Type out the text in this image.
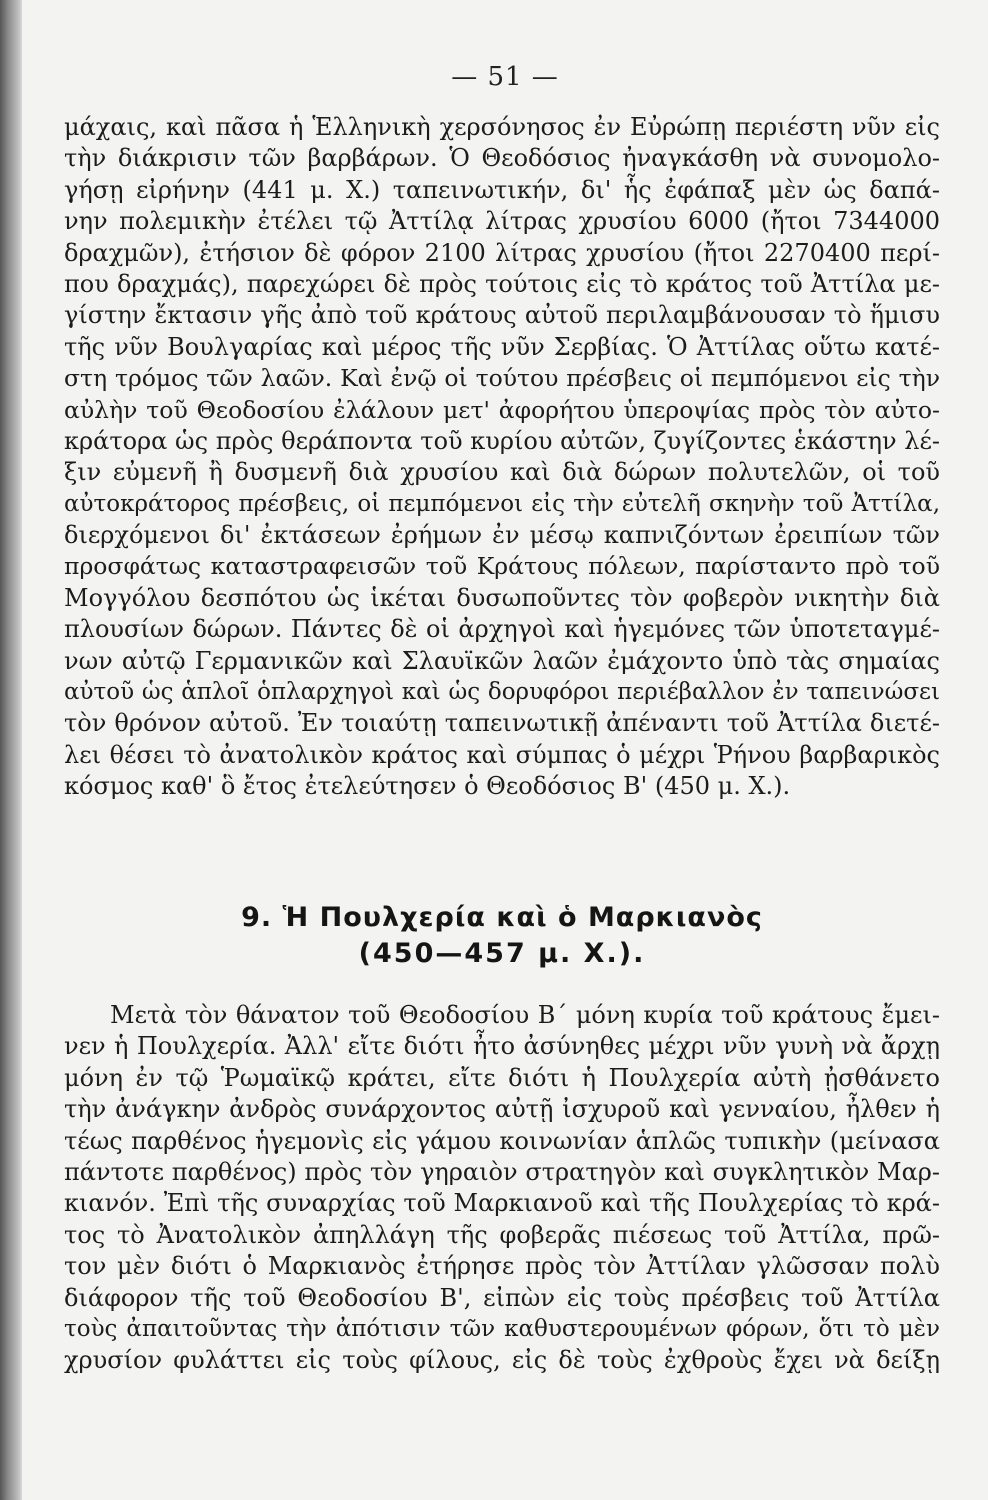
— 51 —
μάχαις, καὶ πᾶσα ἡ Ἑλληνικὴ χερσόνησος ἐν Εὐρώπῃ περιέστη νῦν εἰς
τὴν διάκρισιν τῶν βαρβάρων. Ὁ Θεοδόσιος ἠναγκάσθη νὰ συνομολο-
γήσῃ εἰρήνην (441 μ. Χ.) ταπεινωτικήν, δι' ἧς ἐφάπαξ μὲν ὡς δαπά-
νην πολεμικὴν ἐτέλει τῷ Ἀττίλᾳ λίτρας χρυσίου 6000 (ἤτοι 7344000
δραχμῶν), ἐτήσιον δὲ φόρον 2100 λίτρας χρυσίου (ἤτοι 2270400 περί-
που δραχμάς), παρεχώρει δὲ πρὸς τούτοις εἰς τὸ κράτος τοῦ Ἀττίλα με-
γίστην ἔκτασιν γῆς ἀπὸ τοῦ κράτους αὐτοῦ περιλαμβάνουσαν τὸ ἥμισυ
τῆς νῦν Βουλγαρίας καὶ μέρος τῆς νῦν Σερβίας. Ὁ Ἀττίλας οὕτω κατέ-
στη τρόμος τῶν λαῶν. Καὶ ἐνῷ οἱ τούτου πρέσβεις οἱ πεμπόμενοι εἰς τὴν
αὐλὴν τοῦ Θεοδοσίου ἐλάλουν μετ' ἀφορήτου ὑπεροψίας πρὸς τὸν αὐτο-
κράτορα ὡς πρὸς θεράποντα τοῦ κυρίου αὐτῶν, ζυγίζοντες ἑκάστην λέ-
ξιν εὐμενῆ ἢ δυσμενῆ διὰ χρυσίου καὶ διὰ δώρων πολυτελῶν, οἱ τοῦ
αὐτοκράτορος πρέσβεις, οἱ πεμπόμενοι εἰς τὴν εὐτελῆ σκηνὴν τοῦ Ἀττίλα,
διερχόμενοι δι' ἐκτάσεων ἐρήμων ἐν μέσῳ καπνιζόντων ἐρειπίων τῶν
προσφάτως καταστραφεισῶν τοῦ Κράτους πόλεων, παρίσταντο πρὸ τοῦ
Μογγόλου δεσπότου ὡς ἱκέται δυσωποῦντες τὸν φοβερὸν νικητὴν διὰ
πλουσίων δώρων. Πάντες δὲ οἱ ἀρχηγοὶ καὶ ἡγεμόνες τῶν ὑποτεταγμέ-
νων αὐτῷ Γερμανικῶν καὶ Σλαυϊκῶν λαῶν ἐμάχοντο ὑπὸ τὰς σημαίας
αὐτοῦ ὡς ἁπλοῖ ὁπλαρχηγοὶ καὶ ὡς δορυφόροι περιέβαλλον ἐν ταπεινώσει
τὸν θρόνον αὐτοῦ. Ἐν τοιαύτῃ ταπεινωτικῇ ἀπέναντι τοῦ Ἀττίλα διετέ-
λει θέσει τὸ ἀνατολικὸν κράτος καὶ σύμπας ὁ μέχρι Ῥήνου βαρβαρικὸς
κόσμος καθ' ὃ ἔτος ἐτελεύτησεν ὁ Θεοδόσιος Β' (450 μ. Χ.).
9. Ἡ Πουλχερία καὶ ὁ Μαρκιανὸς
(450—457 μ. Χ.).
Μετὰ τὸν θάνατον τοῦ Θεοδοσίου Β΄ μόνη κυρία τοῦ κράτους ἔμει-
νεν ἡ Πουλχερία. Ἀλλ' εἴτε διότι ἦτο ἀσύνηθες μέχρι νῦν γυνὴ νὰ ἄρχῃ
μόνη ἐν τῷ Ῥωμαϊκῷ κράτει, εἴτε διότι ἡ Πουλχερία αὐτὴ ᾐσθάνετο
τὴν ἀνάγκην ἀνδρὸς συνάρχοντος αὐτῇ ἰσχυροῦ καὶ γενναίου, ἦλθεν ἡ
τέως παρθένος ἡγεμονὶς εἰς γάμου κοινωνίαν ἁπλῶς τυπικὴν (μείνασα
πάντοτε παρθένος) πρὸς τὸν γηραιὸν στρατηγὸν καὶ συγκλητικὸν Μαρ-
κιανόν. Ἐπὶ τῆς συναρχίας τοῦ Μαρκιανοῦ καὶ τῆς Πουλχερίας τὸ κρά-
τος τὸ Ἀνατολικὸν ἀπηλλάγη τῆς φοβερᾶς πιέσεως τοῦ Ἀττίλα, πρῶ-
τον μὲν διότι ὁ Μαρκιανὸς ἐτήρησε πρὸς τὸν Ἀττίλαν γλῶσσαν πολὺ
διάφορον τῆς τοῦ Θεοδοσίου Β', εἰπὼν εἰς τοὺς πρέσβεις τοῦ Ἀττίλα
τοὺς ἀπαιτοῦντας τὴν ἀπότισιν τῶν καθυστερουμένων φόρων, ὅτι τὸ μὲν
χρυσίον φυλάττει εἰς τοὺς φίλους, εἰς δὲ τοὺς ἐχθροὺς ἔχει νὰ δείξῃ
